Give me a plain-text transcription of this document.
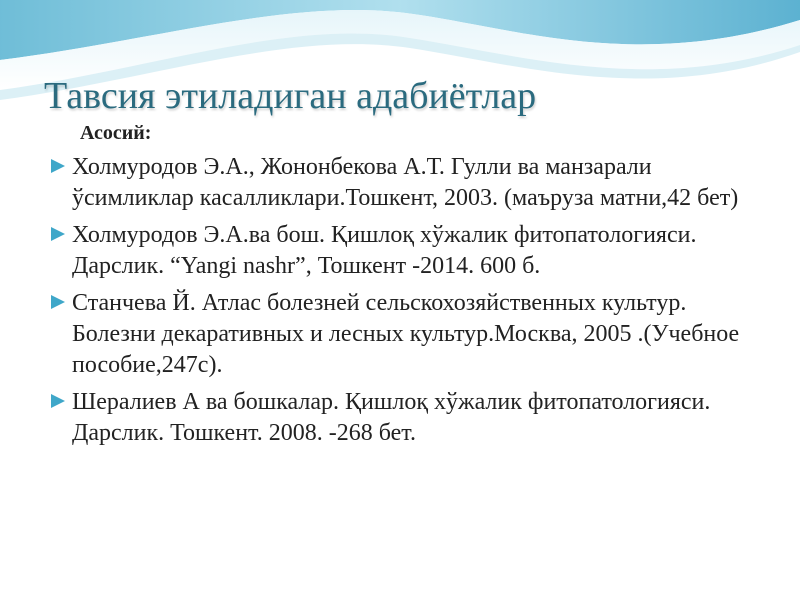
Тавсия этиладиган адабиётлар
Асосий:
Холмуродов Э.А., Жононбекова А.Т. Гулли ва манзарали ўсимликлар касалликлари.Тошкент, 2003. (маъруза матни,42 бет)
Холмуродов Э.А.ва бош. Қишлоқ хўжалик фитопатологияси. Дарслик. “Yangi nashr”, Тошкент -2014. 600 б.
Станчева Й. Атлас болезней сельскохозяйственных культур. Болезни декаративных и лесных культур.Москва, 2005 .(Учебное пособие,247с).
Шералиев А ва бошкалар. Қишлоқ хўжалик фитопатологияси. Дарслик. Тошкент. 2008. -268 бет.
